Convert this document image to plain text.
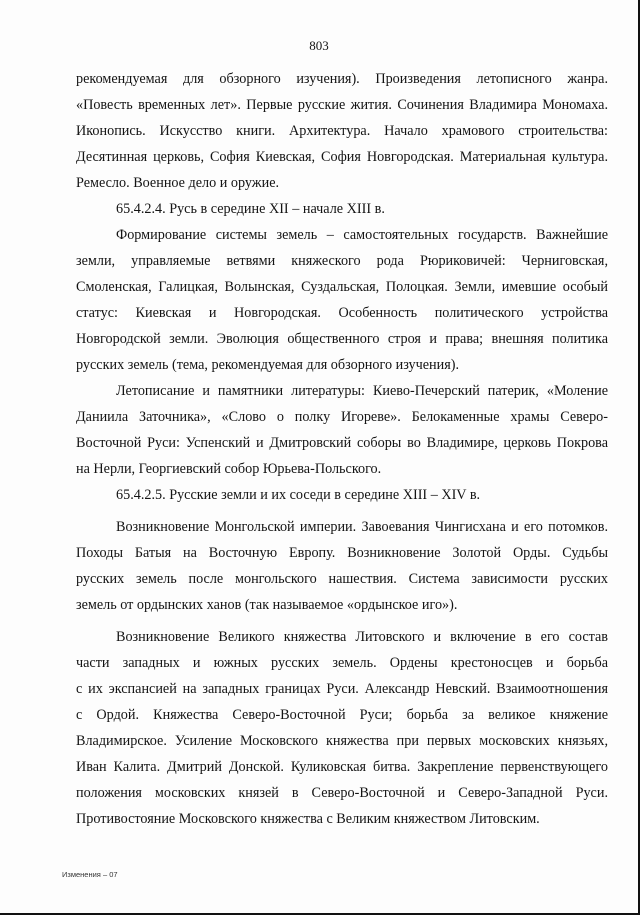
803
рекомендуемая для обзорного изучения). Произведения летописного жанра.
«Повесть временных лет». Первые русские жития. Сочинения Владимира Мономаха.
Иконопись. Искусство книги. Архитектура. Начало храмового строительства:
Десятинная церковь, София Киевская, София Новгородская. Материальная культура.
Ремесло. Военное дело и оружие.
65.4.2.4. Русь в середине XII – начале XIII в.
Формирование системы земель – самостоятельных государств. Важнейшие
земли, управляемые ветвями княжеского рода Рюриковичей: Черниговская,
Смоленская, Галицкая, Волынская, Суздальская, Полоцкая. Земли, имевшие особый
статус: Киевская и Новгородская. Особенность политического устройства
Новгородской земли. Эволюция общественного строя и права; внешняя политика
русских земель (тема, рекомендуемая для обзорного изучения).
Летописание и памятники литературы: Киево-Печерский патерик, «Моление
Даниила Заточника», «Слово о полку Игореве». Белокаменные храмы Северо-
Восточной Руси: Успенский и Дмитровский соборы во Владимире, церковь Покрова
на Нерли, Георгиевский собор Юрьева-Польского.
65.4.2.5. Русские земли и их соседи в середине XIII – XIV в.
Возникновение Монгольской империи. Завоевания Чингисхана и его потомков.
Походы Батыя на Восточную Европу. Возникновение Золотой Орды. Судьбы
русских земель после монгольского нашествия. Система зависимости русских
земель от ордынских ханов (так называемое «ордынское иго»).
Возникновение Великого княжества Литовского и включение в его состав
части западных и южных русских земель. Ордены крестоносцев и борьба
с их экспансией на западных границах Руси. Александр Невский. Взаимоотношения
с Ордой. Княжества Северо-Восточной Руси; борьба за великое княжение
Владимирское. Усиление Московского княжества при первых московских князьях,
Иван Калита. Дмитрий Донской. Куликовская битва. Закрепление первенствующего
положения московских князей в Северо-Восточной и Северо-Западной Руси.
Противостояние Московского княжества с Великим княжеством Литовским.
Изменения – 07
